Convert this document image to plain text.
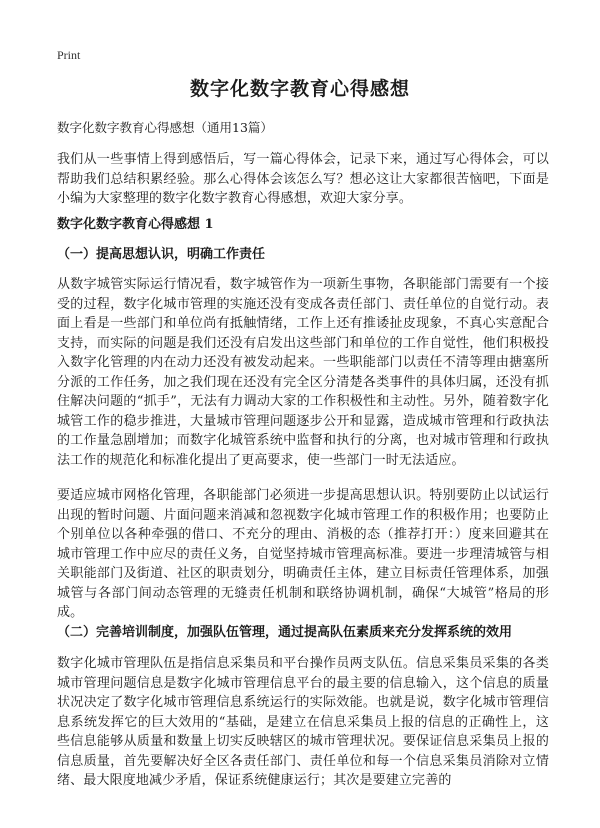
Print
数字化数字教育心得感想
数字化数字教育心得感想（通用13篇）

我们从一些事情上得到感悟后，写一篇心得体会，记录下来，通过写心得体会，可以帮助我们总结积累经验。那么心得体会该怎么写？想必这让大家都很苦恼吧，下面是小编为大家整理的数字化数字教育心得感想，欢迎大家分享。

数字化数字教育心得感想 1
（一）提高思想认识，明确工作责任

从数字城管实际运行情况看，数字城管作为一项新生事物，各职能部门需要有一个接受的过程，数字化城市管理的实施还没有变成各责任部门、责任单位的自觉行动。表面上看是一些部门和单位尚有抵触情绪，工作上还有推诿扯皮现象，不真心实意配合支持，而实际的问题是我们还没有启发出这些部门和单位的工作自觉性，他们积极投入数字化管理的内在动力还没有被发动起来。一些职能部门以责任不清等理由搪塞所分派的工作任务，加之我们现在还没有完全区分清楚各类事件的具体归属，还没有抓住解决问题的“抓手”，无法有力调动大家的工作积极性和主动性。另外，随着数字化城管工作的稳步推进，大量城市管理问题逐步公开和显露，造成城市管理和行政执法的工作量急剧增加；而数字化城管系统中监督和执行的分离，也对城市管理和行政执法工作的规范化和标准化提出了更高要求，使一些部门一时无法适应。

要适应城市网格化管理，各职能部门必须进一步提高思想认识。特别要防止以试运行出现的暂时问题、片面问题来消减和忽视数字化城市管理工作的积极作用；也要防止个别单位以各种牵强的借口、不充分的理由、消极的态（推荐打开：）度来回避其在城市管理工作中应尽的责任义务，自觉坚持城市管理高标准。要进一步理清城管与相关职能部门及街道、社区的职责划分，明确责任主体，建立目标责任管理体系，加强城管与各部门间动态管理的无缝责任机制和联络协调机制，确保“大城管”格局的形成。

（二）完善培训制度，加强队伍管理，通过提高队伍素质来充分发挥系统的效用

数字化城市管理队伍是指信息采集员和平台操作员两支队伍。信息采集员采集的各类城市管理问题信息是数字化城市管理信息平台的最主要的信息输入，这个信息的质量状况决定了数字化城市管理信息系统运行的实际效能。也就是说，数字化城市管理信息系统发挥它的巨大效用的“基础，是建立在信息采集员上报的信息的正确性上，这些信息能够从质量和数量上切实反映辖区的城市管理状况。要保证信息采集员上报的信息质量，首先要解决好全区各责任部门、责任单位和每一个信息采集员消除对立情绪、最大限度地减少矛盾，保证系统健康运行；其次是要建立完善的
